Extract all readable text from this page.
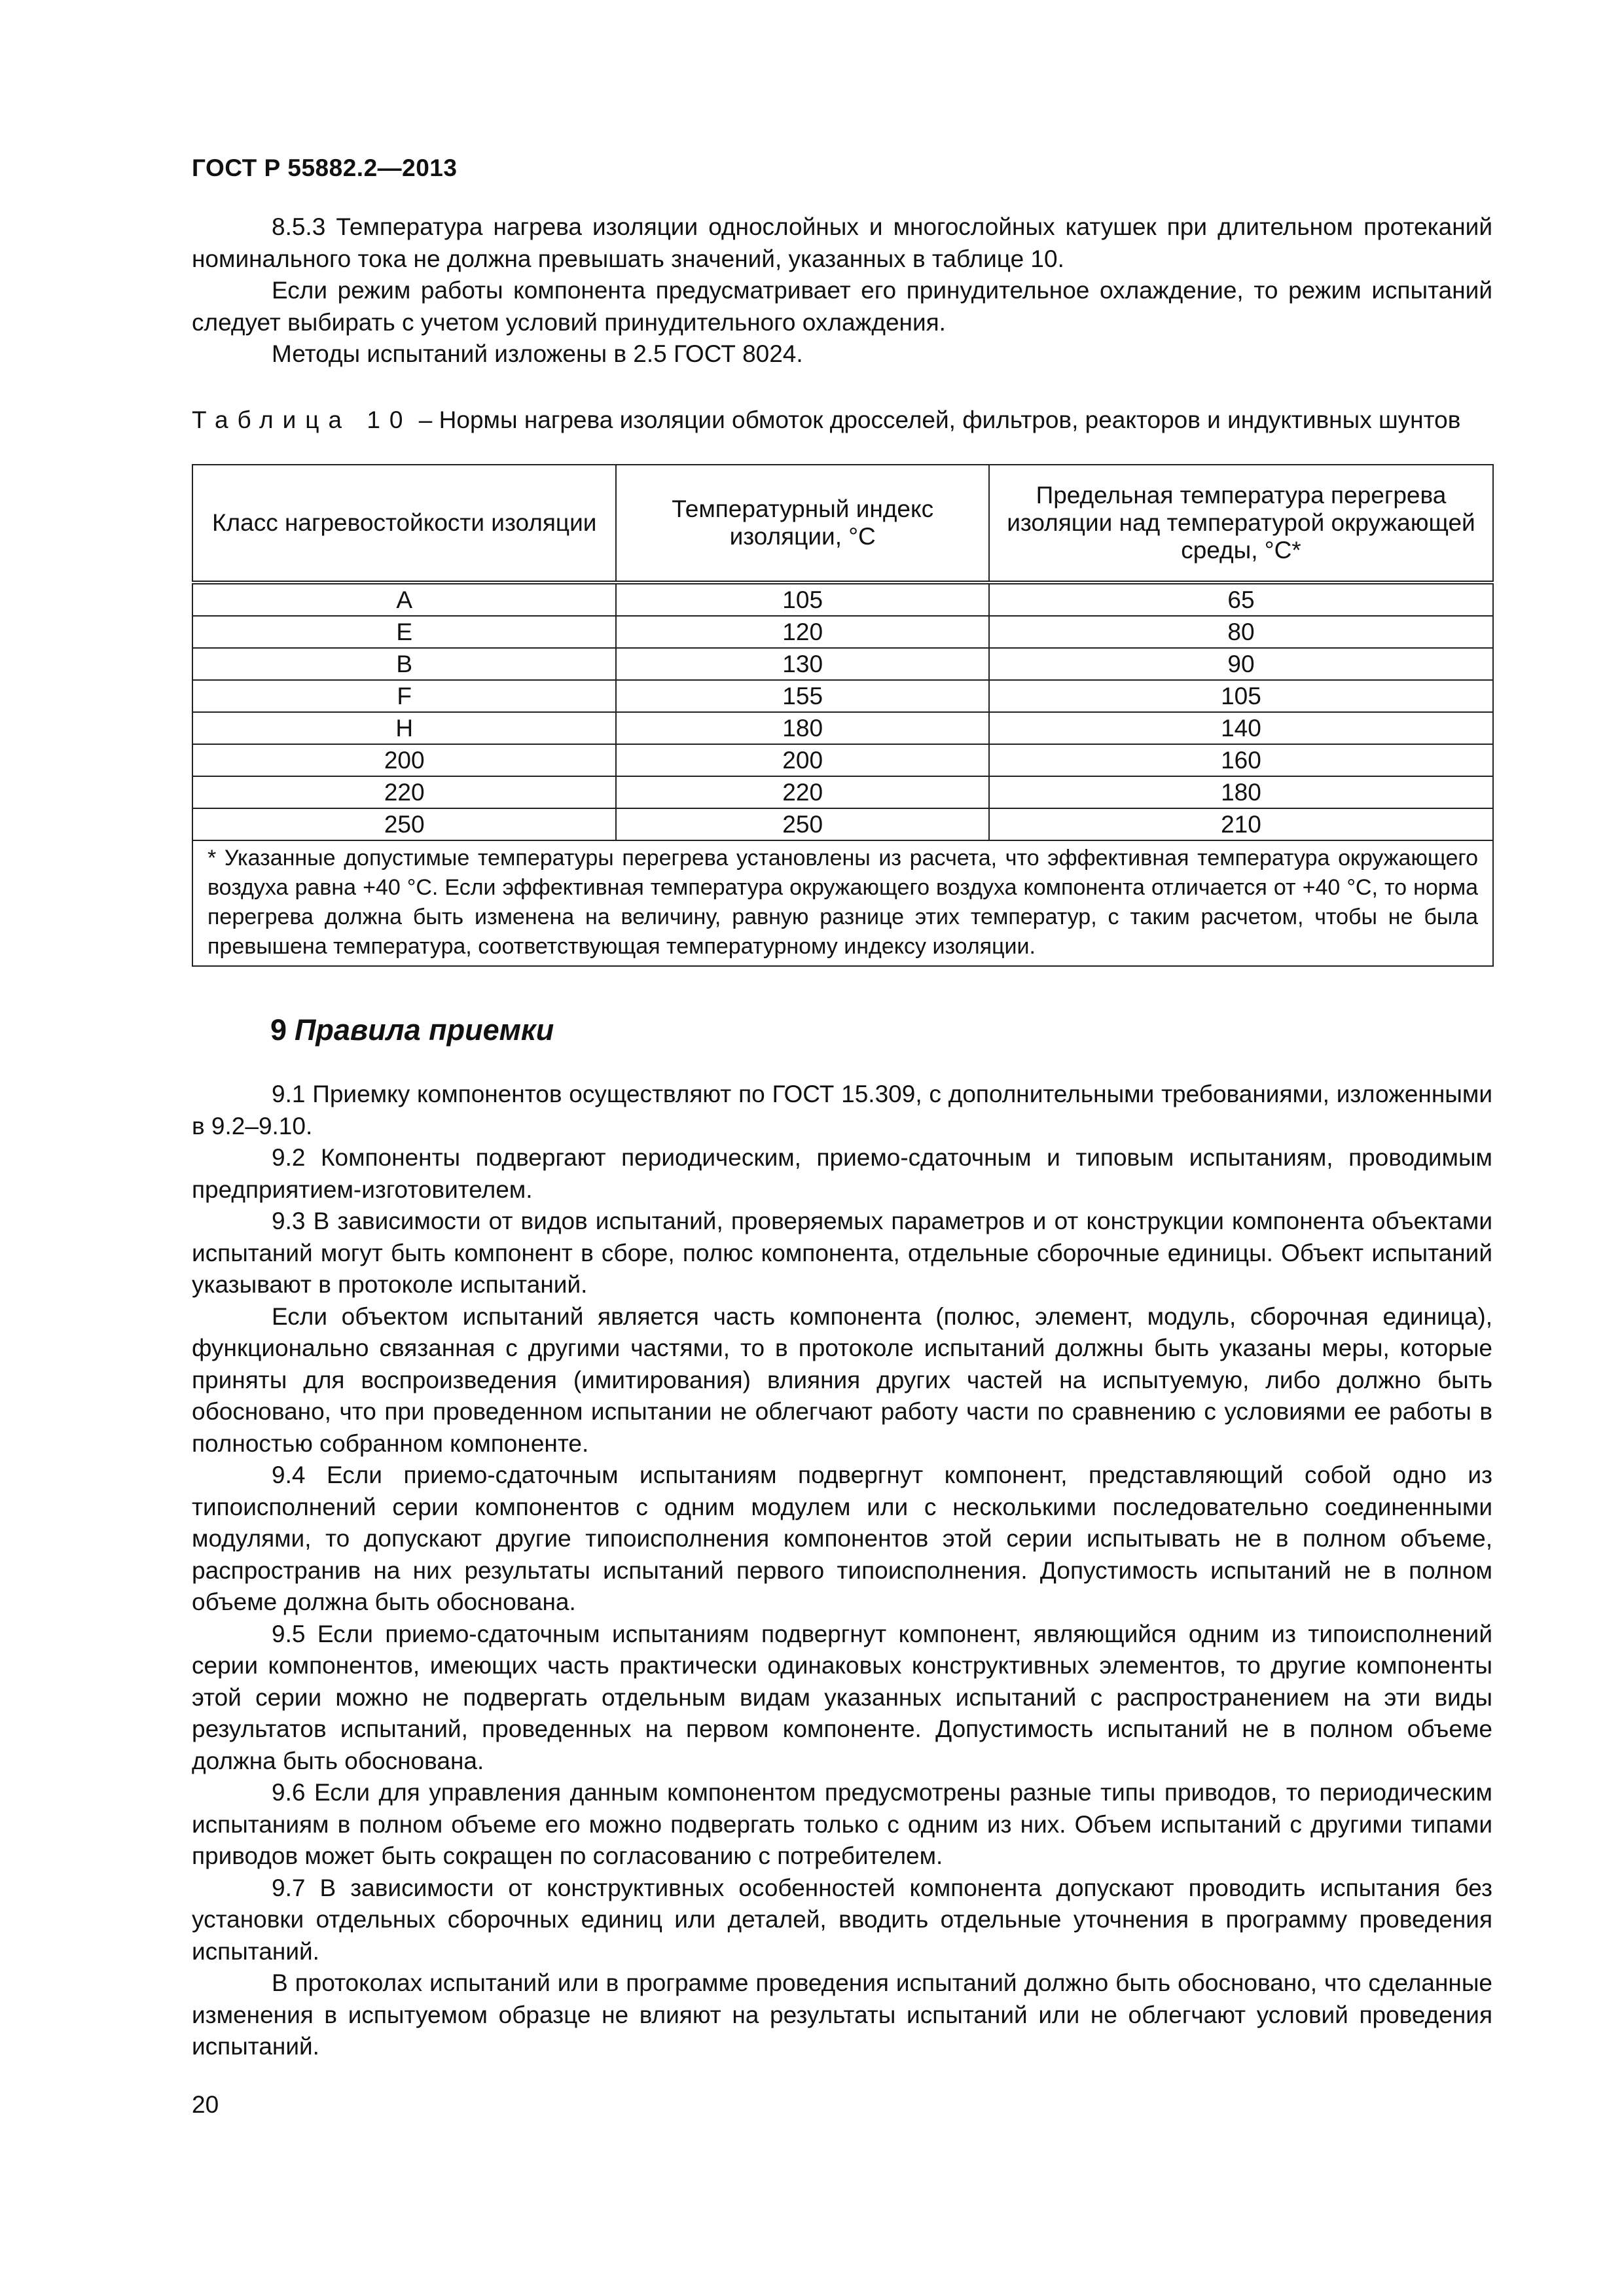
ГОСТ Р 55882.2—2013

8.5.3 Температура нагрева изоляции однослойных и многослойных катушек при длительном протеканий номинального тока не должна превышать значений, указанных в таблице 10.

Если режим работы компонента предусматривает его принудительное охлаждение, то режим испытаний следует выбирать с учетом условий принудительного охлаждения.

Методы испытаний изложены в 2.5 ГОСТ 8024.

Таблица 10 – Нормы нагрева изоляции обмоток дросселей, фильтров, реакторов и индуктивных шунтов
Класс нагревостойкости изоляции	Температурный индекс изоляции, °С	Предельная температура перегрева изоляции над температурой окружающей среды, °С*
A	105	65
E	120	80
B	130	90
F	155	105
H	180	140
200	200	160
220	220	180
250	250	210

* Указанные допустимые температуры перегрева установлены из расчета, что эффективная температура окружающего воздуха равна +40 °С. Если эффективная температура окружающего воздуха компонента отличается от +40 °С, то норма перегрева должна быть изменена на величину, равную разнице этих температур, с таким расчетом, чтобы не была превышена температура, соответствующая температурному индексу изоляции.		
9 Правила приемки

9.1 Приемку компонентов осуществляют по ГОСТ 15.309, с дополнительными требованиями, изложенными в 9.2–9.10.

9.2 Компоненты подвергают периодическим, приемо-сдаточным и типовым испытаниям, проводимым предприятием-изготовителем.

9.3 В зависимости от видов испытаний, проверяемых параметров и от конструкции компонента объектами испытаний могут быть компонент в сборе, полюс компонента, отдельные сборочные единицы. Объект испытаний указывают в протоколе испытаний.

Если объектом испытаний является часть компонента (полюс, элемент, модуль, сборочная единица), функционально связанная с другими частями, то в протоколе испытаний должны быть указаны меры, которые приняты для воспроизведения (имитирования) влияния других частей на испытуемую, либо должно быть обосновано, что при проведенном испытании не облегчают работу части по сравнению с условиями ее работы в полностью собранном компоненте.

9.4 Если приемо-сдаточным испытаниям подвергнут компонент, представляющий собой одно из типоисполнений серии компонентов с одним модулем или с несколькими последовательно соединенными модулями, то допускают другие типоисполнения компонентов этой серии испытывать не в полном объеме, распространив на них результаты испытаний первого типоисполнения. Допустимость испытаний не в полном объеме должна быть обоснована.

9.5 Если приемо-сдаточным испытаниям подвергнут компонент, являющийся одним из типоисполнений серии компонентов, имеющих часть практически одинаковых конструктивных элементов, то другие компоненты этой серии можно не подвергать отдельным видам указанных испытаний с распространением на эти виды результатов испытаний, проведенных на первом компоненте. Допустимость испытаний не в полном объеме должна быть обоснована.

9.6 Если для управления данным компонентом предусмотрены разные типы приводов, то периодическим испытаниям в полном объеме его можно подвергать только с одним из них. Объем испытаний с другими типами приводов может быть сокращен по согласованию с потребителем.

9.7 В зависимости от конструктивных особенностей компонента допускают проводить испытания без установки отдельных сборочных единиц или деталей, вводить отдельные уточнения в программу проведения испытаний.

В протоколах испытаний или в программе проведения испытаний должно быть обосновано, что сделанные изменения в испытуемом образце не влияют на результаты испытаний или не облегчают условий проведения испытаний.

20
